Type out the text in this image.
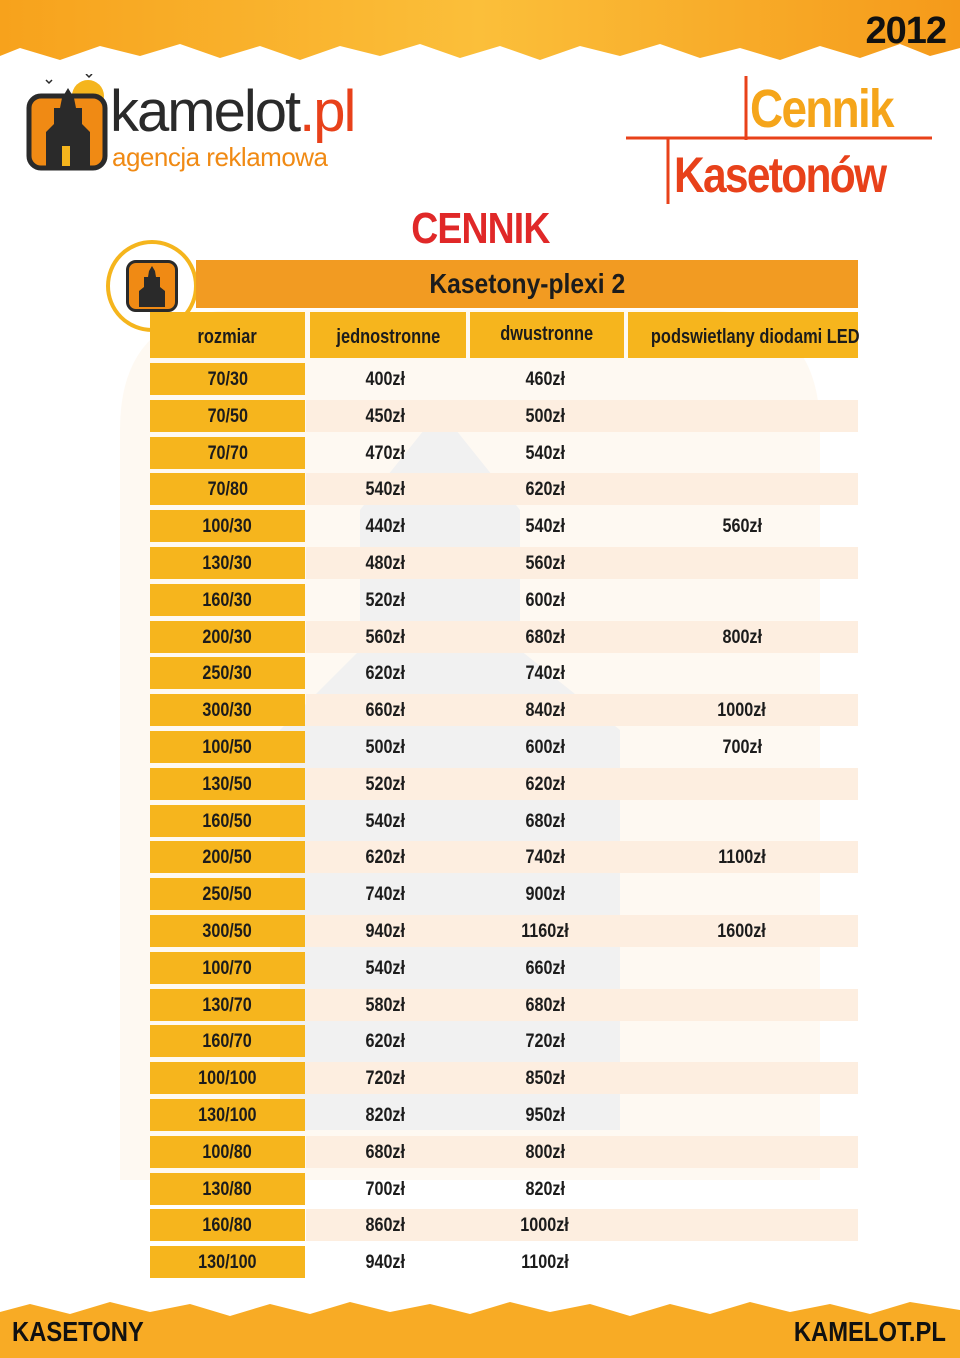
2012
kamelot.pl
agencja reklamowa
Cennik
Kasetonów
CENNIK
Kasetony-plexi 2
rozmiar	jednostronne	dwustronne	podswietlany diodami LED
70/30	400zł	460zł
70/50	450zł	500zł
70/70	470zł	540zł
70/80	540zł	620zł
100/30	440zł	540zł	560zł
130/30	480zł	560zł
160/30	520zł	600zł
200/30	560zł	680zł	800zł
250/30	620zł	740zł
300/30	660zł	840zł	1000zł
100/50	500zł	600zł	700zł
130/50	520zł	620zł
160/50	540zł	680zł
200/50	620zł	740zł	1100zł
250/50	740zł	900zł
300/50	940zł	1160zł	1600zł
100/70	540zł	660zł
130/70	580zł	680zł
160/70	620zł	720zł
100/100	720zł	850zł
130/100	820zł	950zł
100/80	680zł	800zł
130/80	700zł	820zł
160/80	860zł	1000zł
130/100	940zł	1100zł
KASETONY	KAMELOT.PL
